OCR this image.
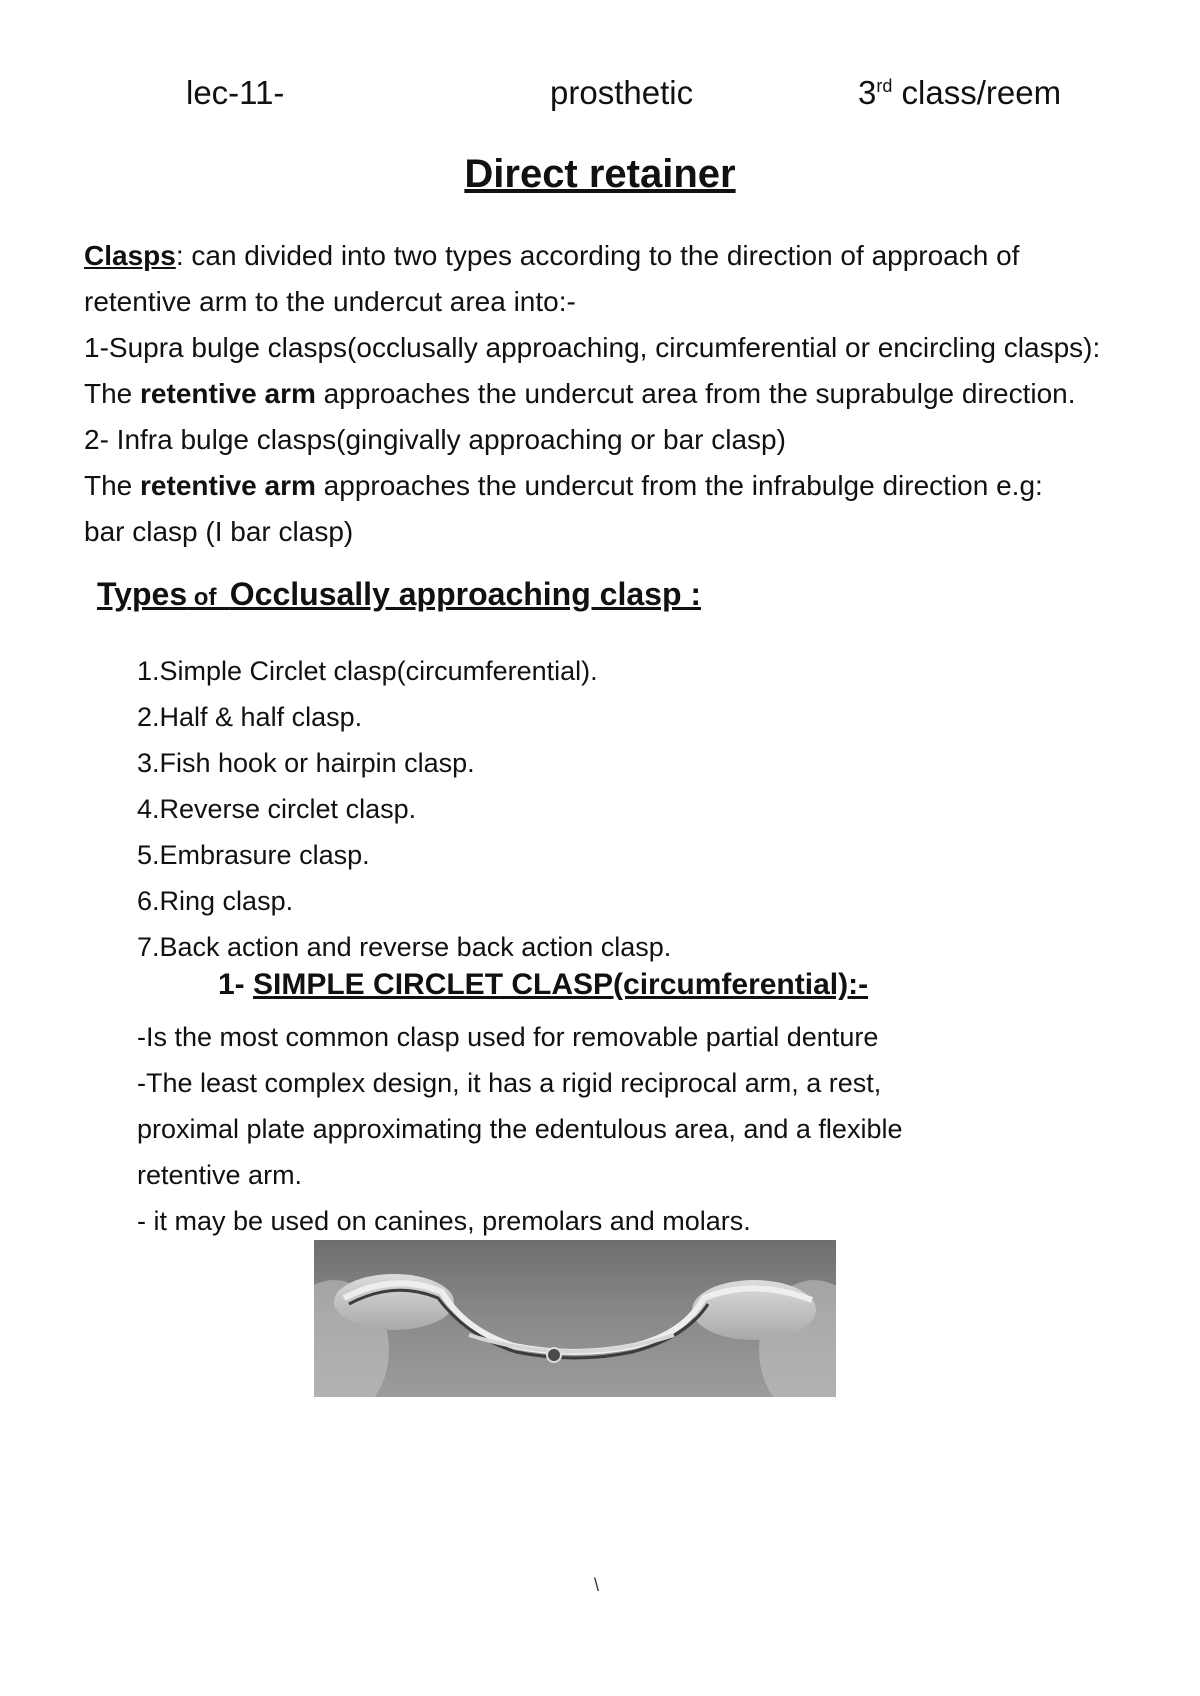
lec-11-	prosthetic	3rd class/reem
Direct retainer
Clasps: can divided into two types according to the direction of approach of
retentive arm to the undercut area into:-
1-Supra bulge clasps(occlusally approaching, circumferential or encircling clasps):
The retentive arm approaches the undercut area from the suprabulge direction.
2- Infra bulge clasps(gingivally approaching or bar clasp)
The retentive arm approaches the undercut from the infrabulge direction e.g:
bar clasp (I bar clasp)
Types of  Occlusally approaching clasp :
1.Simple Circlet clasp(circumferential).
2.Half & half clasp.
3.Fish hook or hairpin clasp.
4.Reverse circlet clasp.
5.Embrasure clasp.
6.Ring clasp.
7.Back action and reverse back action clasp.
1- SIMPLE CIRCLET CLASP(circumferential):-
-Is the most common clasp used for removable partial denture
-The least complex design, it has a rigid reciprocal arm, a rest,
proximal plate approximating the edentulous area, and a flexible
retentive arm.
- it may be used on canines, premolars and molars.
\
